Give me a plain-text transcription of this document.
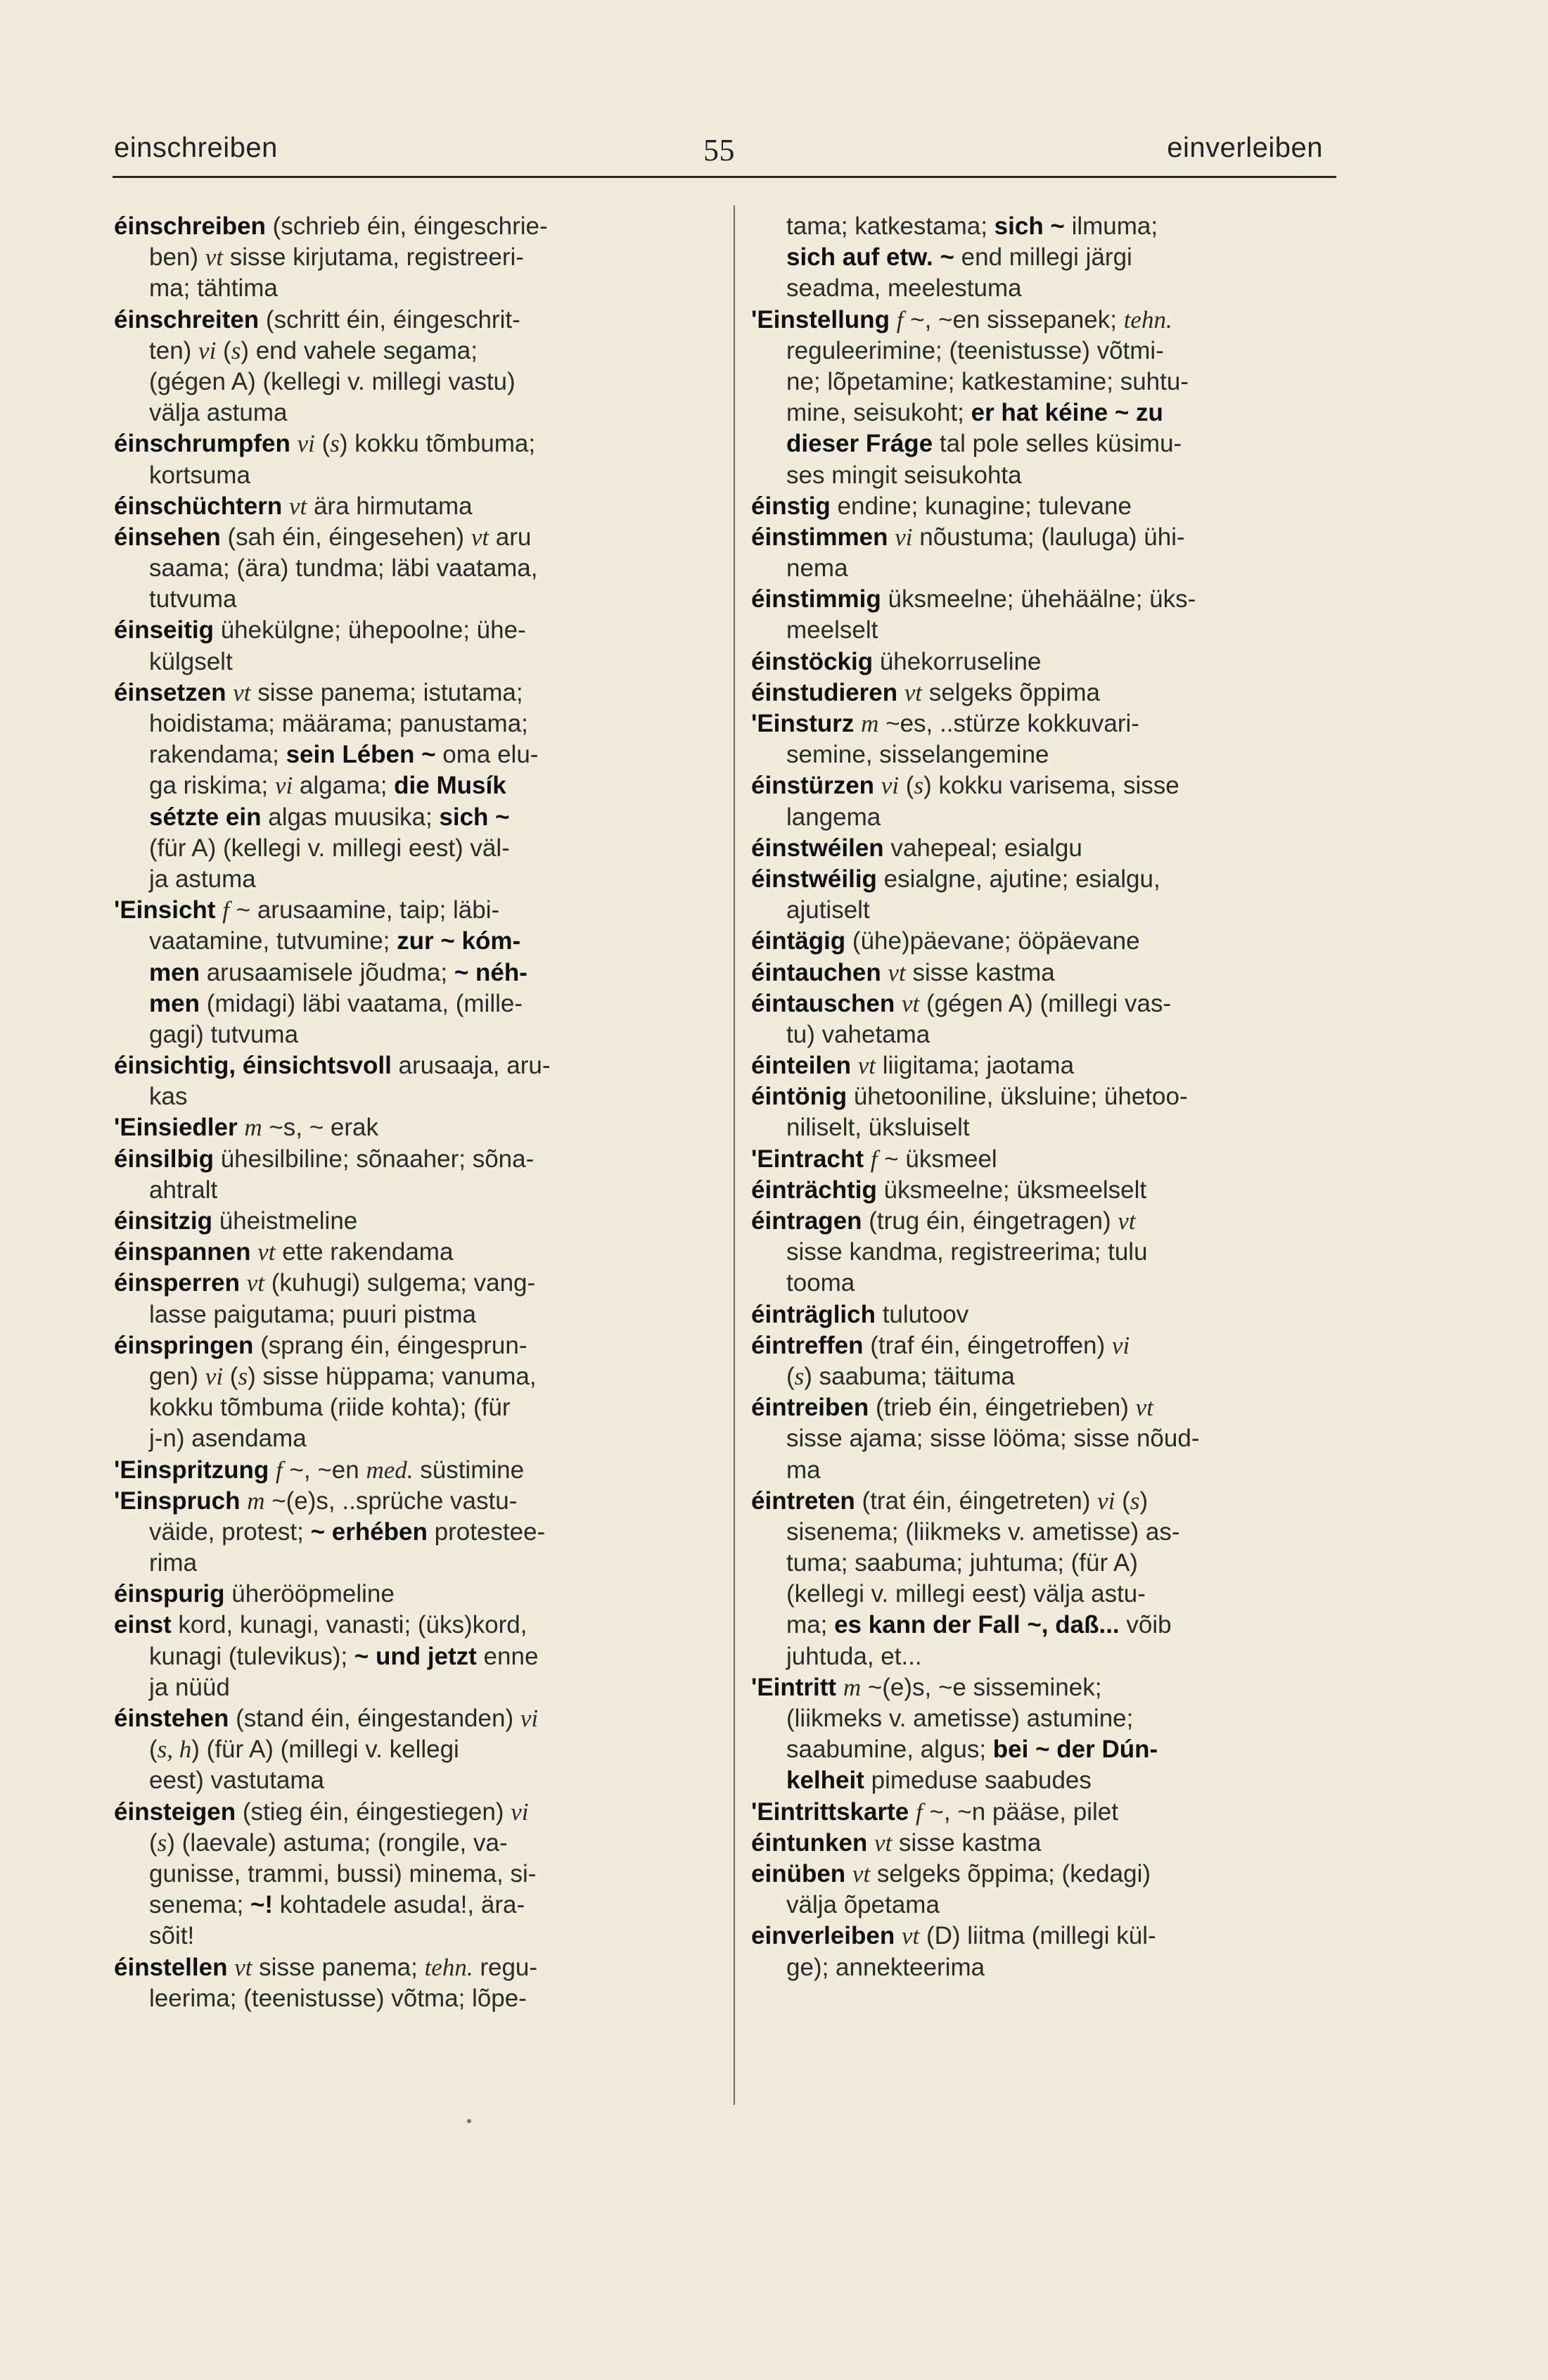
einschreiben	55	einverleiben
éinschreiben (schrieb éin, éingeschrie-
ben) vt sisse kirjutama, registreeri-
ma; tähtima
éinschreiten (schritt éin, éingeschrit-
ten) vi (s) end vahele segama;
(gégen A) (kellegi v. millegi vastu)
välja astuma
éinschrumpfen vi (s) kokku tõmbuma;
kortsuma
éinschüchtern vt ära hirmutama
éinsehen (sah éin, éingesehen) vt aru
saama; (ära) tundma; läbi vaatama,
tutvuma
éinseitig ühekülgne; ühepoolne; ühe-
külgselt
éinsetzen vt sisse panema; istutama;
hoidistama; määrama; panustama;
rakendama; sein Lében ~ oma elu-
ga riskima; vi algama; die Musík
sétzte ein algas muusika; sich ~
(für A) (kellegi v. millegi eest) väl-
ja astuma
'Einsicht f ~ arusaamine, taip; läbi-
vaatamine, tutvumine; zur ~ kóm-
men arusaamisele jõudma; ~ néh-
men (midagi) läbi vaatama, (mille-
gagi) tutvuma
éinsichtig, éinsichtsvoll arusaaja, aru-
kas
'Einsiedler m ~s, ~ erak
éinsilbig ühesilbiline; sõnaaher; sõna-
ahtralt
éinsitzig üheistmeline
éinspannen vt ette rakendama
éinsperren vt (kuhugi) sulgema; vang-
lasse paigutama; puuri pistma
éinspringen (sprang éin, éingesprun-
gen) vi (s) sisse hüppama; vanuma,
kokku tõmbuma (riide kohta); (für
j-n) asendama
'Einspritzung f ~, ~en med. süstimine
'Einspruch m ~(e)s, ..sprüche vastu-
väide, protest; ~ erhében protestee-
rima
éinspurig üherööpmeline
einst kord, kunagi, vanasti; (üks)kord,
kunagi (tulevikus); ~ und jetzt enne
ja nüüd
éinstehen (stand éin, éingestanden) vi
(s, h) (für A) (millegi v. kellegi
eest) vastutama
éinsteigen (stieg éin, éingestiegen) vi
(s) (laevale) astuma; (rongile, va-
gunisse, trammi, bussi) minema, si-
senema; ~! kohtadele asuda!, ära-
sõit!
éinstellen vt sisse panema; tehn. regu-
leerima; (teenistusse) võtma; lõpe-
tama; katkestama; sich ~ ilmuma;
sich auf etw. ~ end millegi järgi
seadma, meelestuma
'Einstellung f ~, ~en sissepanek; tehn.
reguleerimine; (teenistusse) võtmi-
ne; lõpetamine; katkestamine; suhtu-
mine, seisukoht; er hat kéine ~ zu
dieser Fráge tal pole selles küsimu-
ses mingit seisukohta
éinstig endine; kunagine; tulevane
éinstimmen vi nõustuma; (lauluga) ühi-
nema
éinstimmig üksmeelne; ühehäälne; üks-
meelselt
éinstöckig ühekorruseline
éinstudieren vt selgeks õppima
'Einsturz m ~es, ..stürze kokkuvari-
semine, sisselangemine
éinstürzen vi (s) kokku varisema, sisse
langema
éinstwéilen vahepeal; esialgu
éinstwéilig esialgne, ajutine; esialgu,
ajutiselt
éintägig (ühe)päevane; ööpäevane
éintauchen vt sisse kastma
éintauschen vt (gégen A) (millegi vas-
tu) vahetama
éinteilen vt liigitama; jaotama
éintönig ühetooniline, üksluine; ühetoo-
niliselt, üksluiselt
'Eintracht f ~ üksmeel
éinträchtig üksmeelne; üksmeelselt
éintragen (trug éin, éingetragen) vt
sisse kandma, registreerima; tulu
tooma
éinträglich tulutoov
éintreffen (traf éin, éingetroffen) vi
(s) saabuma; täituma
éintreiben (trieb éin, éingetrieben) vt
sisse ajama; sisse lööma; sisse nõud-
ma
éintreten (trat éin, éingetreten) vi (s)
sisenema; (liikmeks v. ametisse) as-
tuma; saabuma; juhtuma; (für A)
(kellegi v. millegi eest) välja astu-
ma; es kann der Fall ~, daß... võib
juhtuda, et...
'Eintritt m ~(e)s, ~e sisseminek;
(liikmeks v. ametisse) astumine;
saabumine, algus; bei ~ der Dún-
kelheit pimeduse saabudes
'Eintrittskarte f ~, ~n pääse, pilet
éintunken vt sisse kastma
einüben vt selgeks õppima; (kedagi)
välja õpetama
einverleiben vt (D) liitma (millegi kül-
ge); annekteerima
